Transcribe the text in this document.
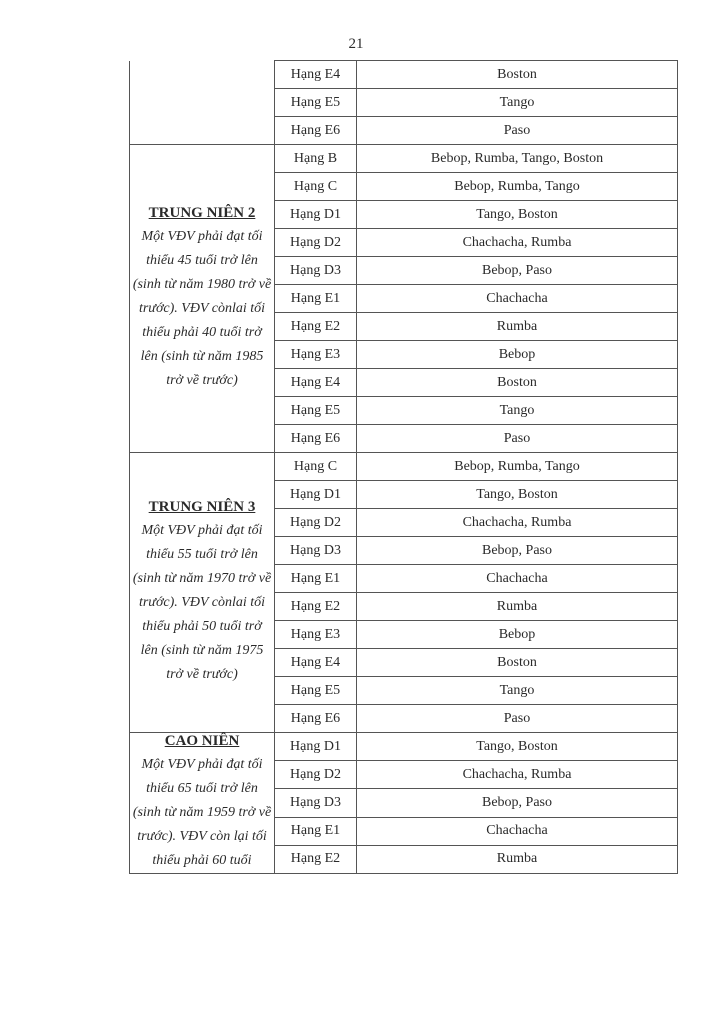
21
	Hạng E4	Boston
	Hạng E5	Tango
	Hạng E6	Paso

TRUNG NIÊN 2
Một VĐV phải đạt tối thiểu 45 tuổi trở lên (sinh từ năm 1980 trở về trước). VĐV cònlai tối thiểu phải 40 tuổi trở lên (sinh từ năm 1985 trở về trước)	Hạng B	Bebop, Rumba, Tango, Boston
	Hạng C	Bebop, Rumba, Tango
	Hạng D1	Tango, Boston
	Hạng D2	Chachacha, Rumba
	Hạng D3	Bebop, Paso
	Hạng E1	Chachacha
	Hạng E2	Rumba
	Hạng E3	Bebop
	Hạng E4	Boston
	Hạng E5	Tango
	Hạng E6	Paso

TRUNG NIÊN 3
Một VĐV phải đạt tối thiểu 55 tuổi trở lên (sinh từ năm 1970 trở về trước). VĐV cònlai tối thiểu phải 50 tuổi trở lên (sinh từ năm 1975 trở về trước)	Hạng C	Bebop, Rumba, Tango
	Hạng D1	Tango, Boston
	Hạng D2	Chachacha, Rumba
	Hạng D3	Bebop, Paso
	Hạng E1	Chachacha
	Hạng E2	Rumba
	Hạng E3	Bebop
	Hạng E4	Boston
	Hạng E5	Tango
	Hạng E6	Paso

CAO NIÊN
Một VĐV phải đạt tối thiểu 65 tuổi trở lên (sinh từ năm 1959 trở về trước). VĐV còn lại tối thiểu phải 60 tuổi	Hạng D1	Tango, Boston
	Hạng D2	Chachacha, Rumba
	Hạng D3	Bebop, Paso
	Hạng E1	Chachacha
	Hạng E2	Rumba
